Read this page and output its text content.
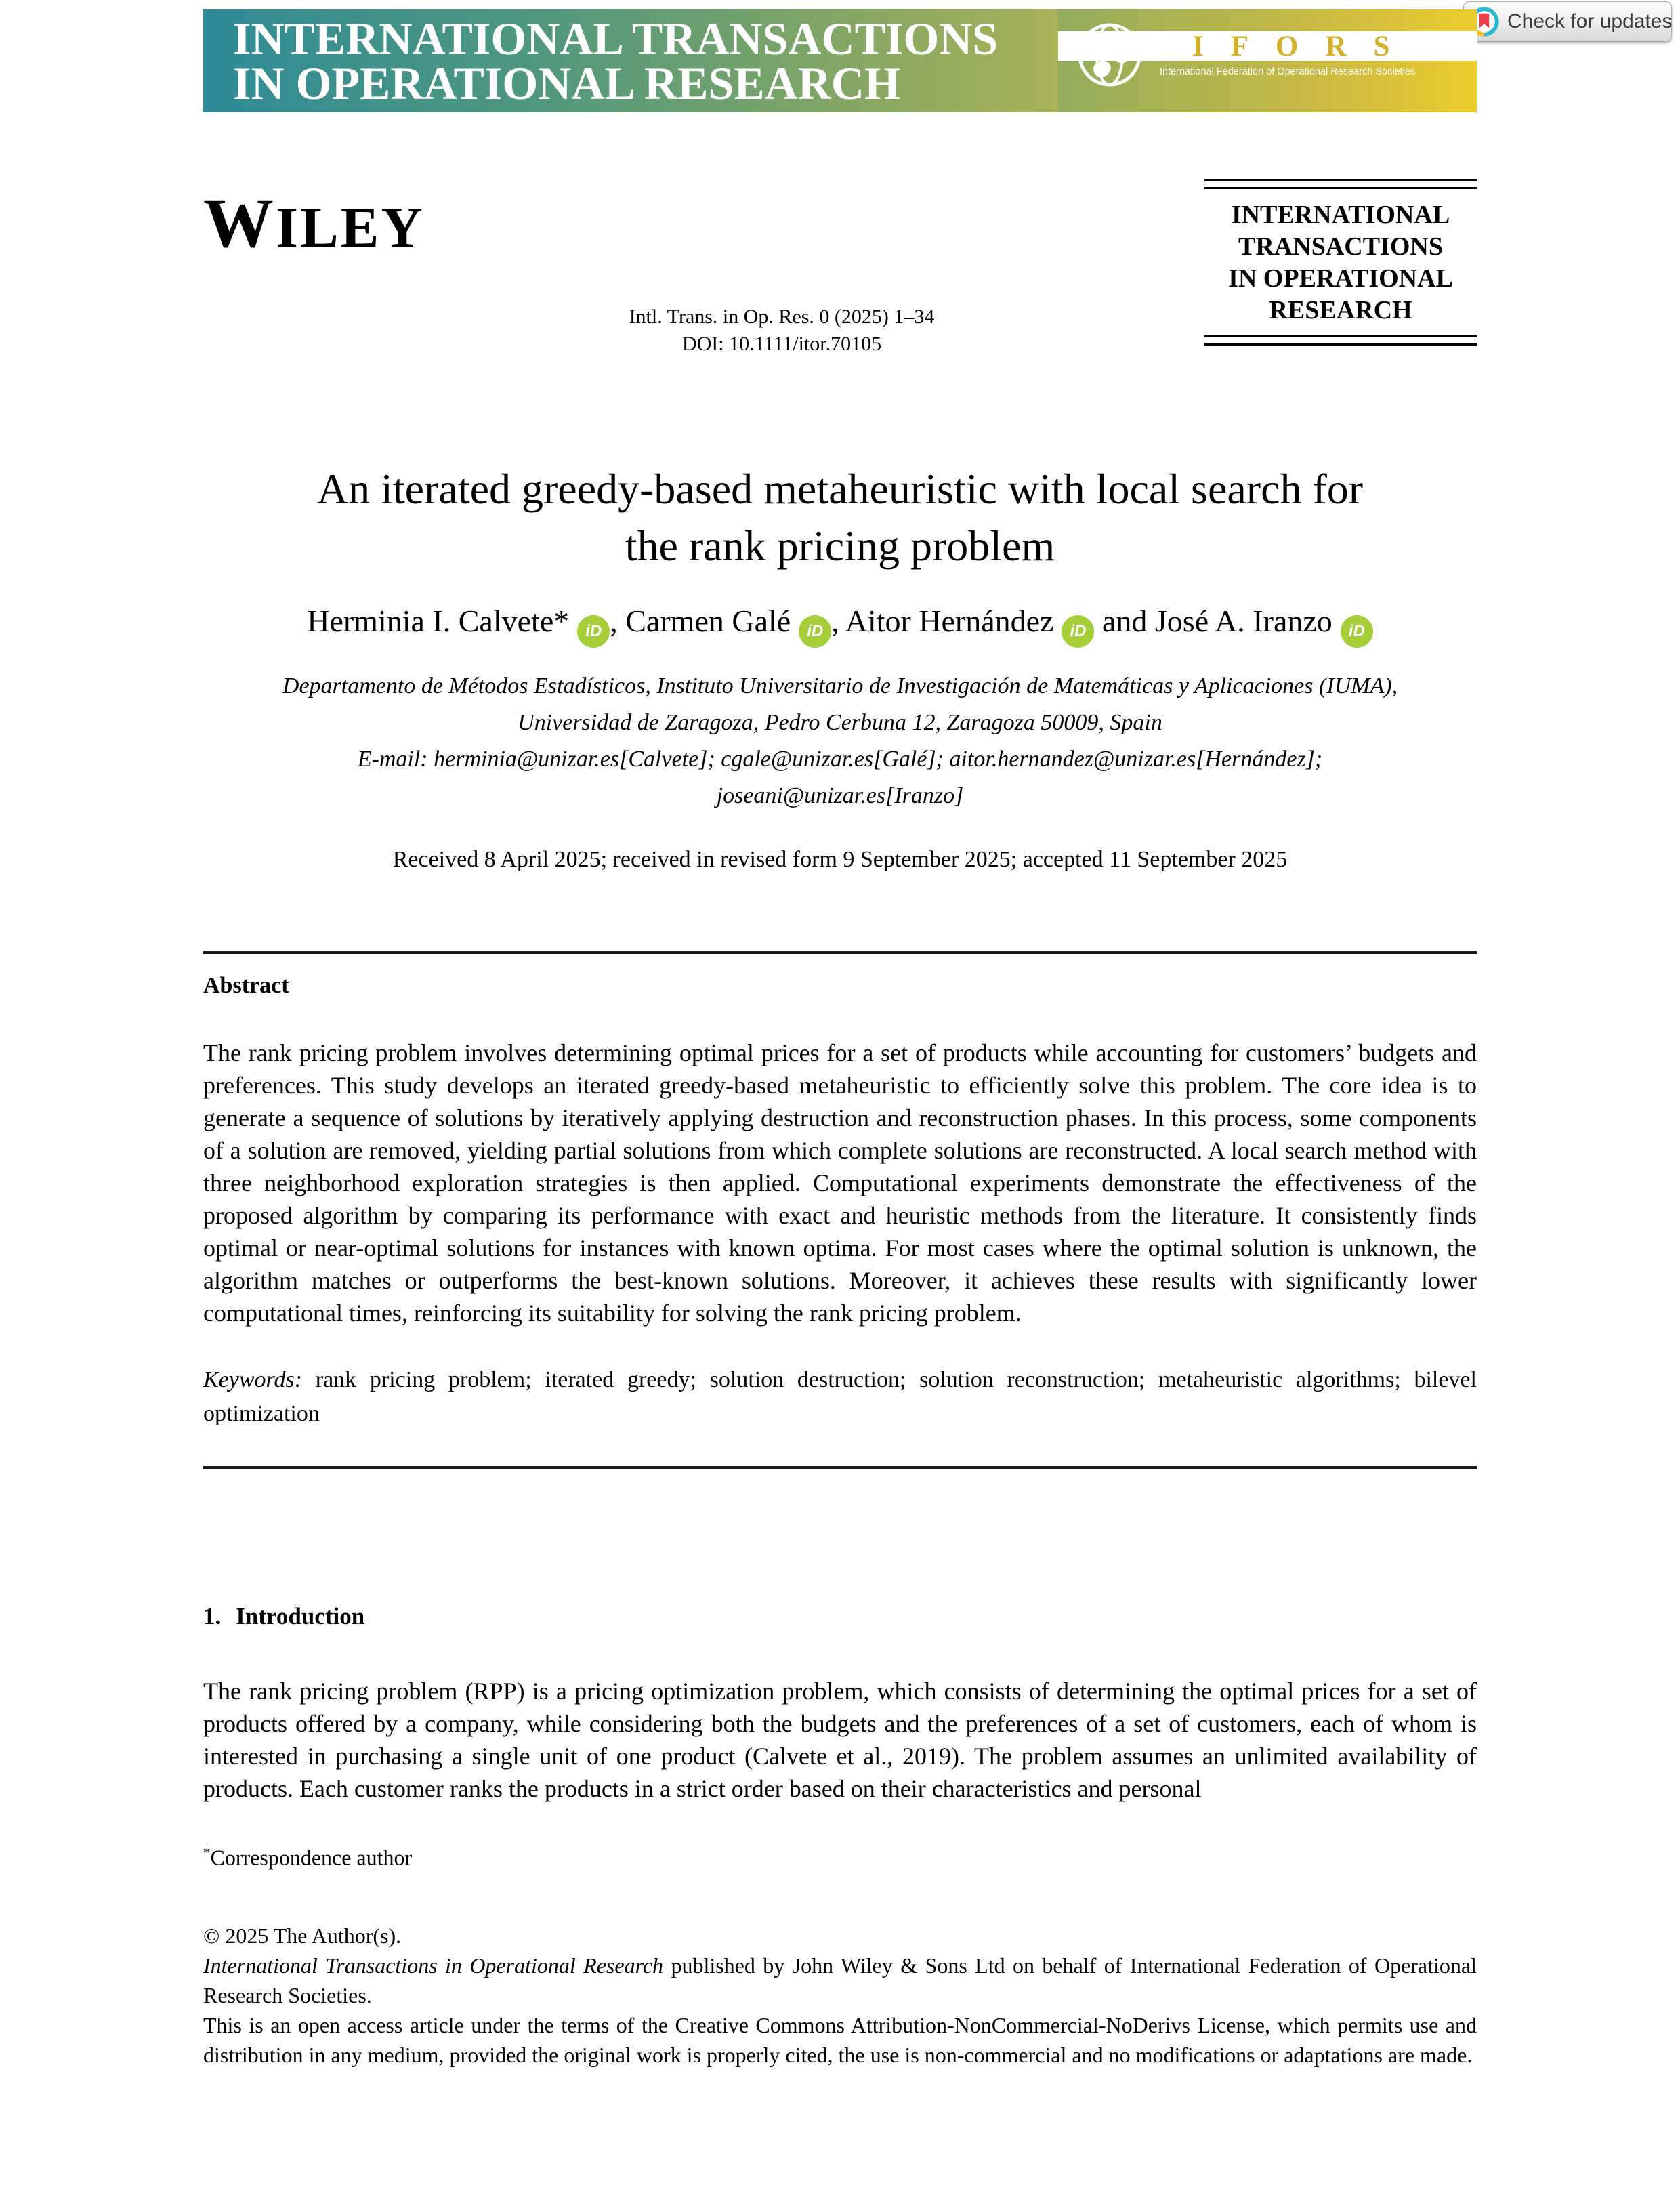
Check for updates
INTERNATIONAL TRANSACTIONS
IN OPERATIONAL RESEARCH
IFORS
International Federation of Operational Research Societies
WILEY	INTERNATIONAL
TRANSACTIONS
IN OPERATIONAL
RESEARCH
Intl. Trans. in Op. Res. 0 (2025) 1–34
DOI: 10.1111/itor.70105
An iterated greedy-based metaheuristic with local search for
the rank pricing problem
Herminia I. Calvete* iD , Carmen Galé iD , Aitor Hernández iD and José A. Iranzo iD
Departamento de Métodos Estadísticos, Instituto Universitario de Investigación de Matemáticas y Aplicaciones (IUMA),
Universidad de Zaragoza, Pedro Cerbuna 12, Zaragoza 50009, Spain
E-mail: herminia@unizar.es[Calvete]; cgale@unizar.es[Galé]; aitor.hernandez@unizar.es[Hernández];
joseani@unizar.es[Iranzo]
Received 8 April 2025; received in revised form 9 September 2025; accepted 11 September 2025
Abstract
The rank pricing problem involves determining optimal prices for a set of products while accounting for customers’ budgets and preferences. This study develops an iterated greedy-based metaheuristic to efficiently solve this problem. The core idea is to generate a sequence of solutions by iteratively applying destruction and reconstruction phases. In this process, some components of a solution are removed, yielding partial solutions from which complete solutions are reconstructed. A local search method with three neighborhood exploration strategies is then applied. Computational experiments demonstrate the effectiveness of the proposed algorithm by comparing its performance with exact and heuristic methods from the literature. It consistently finds optimal or near-optimal solutions for instances with known optima. For most cases where the optimal solution is unknown, the algorithm matches or outperforms the best-known solutions. Moreover, it achieves these results with significantly lower computational times, reinforcing its suitability for solving the rank pricing problem.
Keywords: rank pricing problem; iterated greedy; solution destruction; solution reconstruction; metaheuristic algorithms; bilevel optimization
1. Introduction
The rank pricing problem (RPP) is a pricing optimization problem, which consists of determining the optimal prices for a set of products offered by a company, while considering both the budgets and the preferences of a set of customers, each of whom is interested in purchasing a single unit of one product (Calvete et al., 2019). The problem assumes an unlimited availability of products. Each customer ranks the products in a strict order based on their characteristics and personal
*Correspondence author
© 2025 The Author(s).
International Transactions in Operational Research published by John Wiley & Sons Ltd on behalf of International Federation of Operational Research Societies.
This is an open access article under the terms of the Creative Commons Attribution-NonCommercial-NoDerivs License, which permits use and distribution in any medium, provided the original work is properly cited, the use is non-commercial and no modifications or adaptations are made.
